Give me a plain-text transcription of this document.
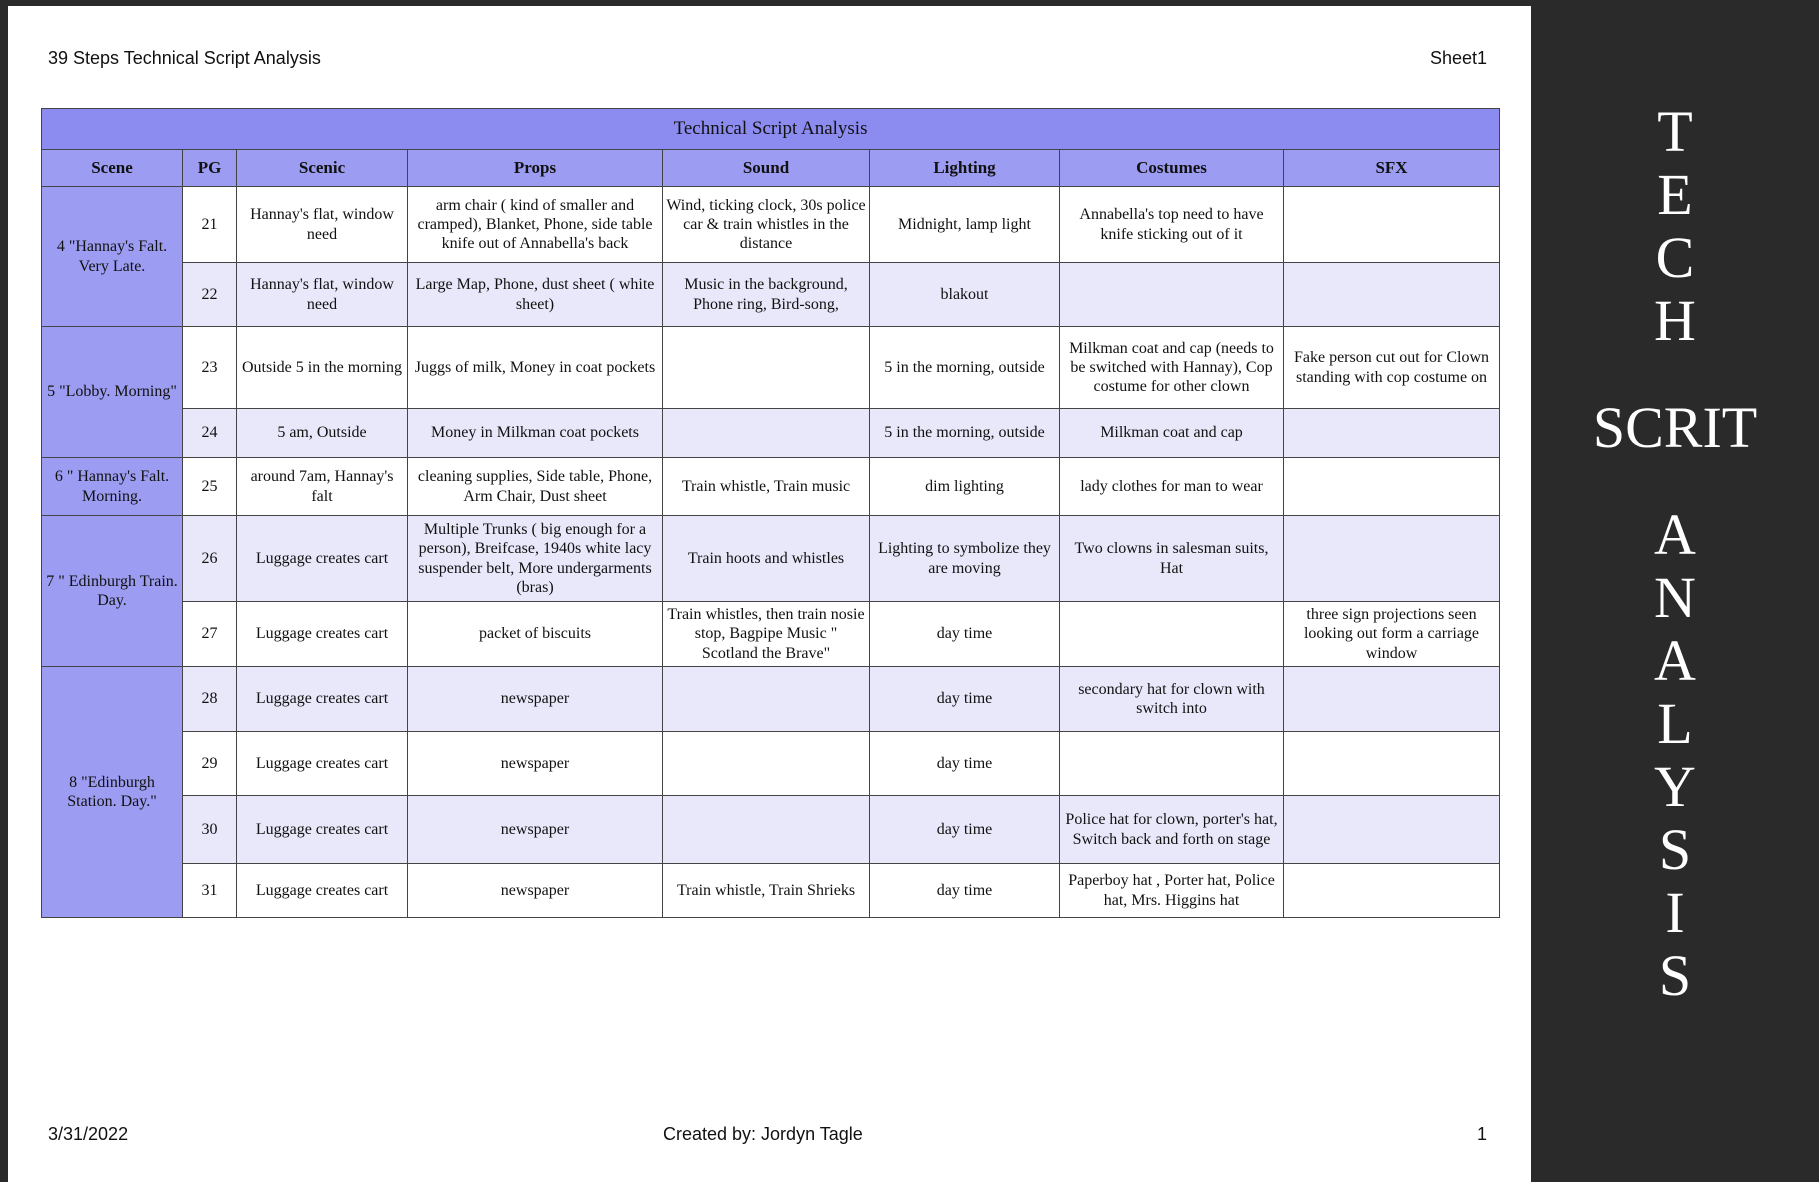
39 Steps Technical Script Analysis	Sheet1
Technical Script Analysis							
Scene	PG	Scenic	Props	Sound	Lighting	Costumes	SFX
4 "Hannay's Falt. Very Late.	21	Hannay's flat, window need	arm chair ( kind of smaller and cramped), Blanket, Phone, side table knife out of Annabella's back	Wind, ticking clock, 30s police car & train whistles in the distance	Midnight, lamp light	Annabella's top need to have knife sticking out of it	
	22	Hannay's flat, window need	Large Map, Phone, dust sheet ( white sheet)	Music in the background, Phone ring, Bird-song,	blakout		
5 "Lobby. Morning"	23	Outside 5 in the morning	Juggs of milk, Money in coat pockets		5 in the morning, outside	Milkman coat and cap (needs to be switched with Hannay), Cop costume for other clown	Fake person cut out for Clown standing with cop costume on
	24	5 am, Outside	Money in Milkman coat pockets		5 in the morning, outside	Milkman coat and cap	
6 " Hannay's Falt. Morning.	25	around 7am, Hannay's falt	cleaning supplies, Side table, Phone, Arm Chair, Dust sheet	Train whistle, Train music	dim lighting	lady clothes for man to wear	
7 " Edinburgh Train. Day.	26	Luggage creates cart	Multiple Trunks ( big enough for a person), Breifcase, 1940s white lacy suspender belt, More undergarments (bras)	Train hoots and whistles	Lighting to symbolize they are moving	Two clowns in salesman suits, Hat	
	27	Luggage creates cart	packet of biscuits	Train whistles, then train nosie stop, Bagpipe Music " Scotland the Brave"	day time		three sign projections seen looking out form a carriage window
8 "Edinburgh Station. Day."	28	Luggage creates cart	newspaper		day time	secondary hat for clown with switch into	
	29	Luggage creates cart	newspaper		day time		
	30	Luggage creates cart	newspaper		day time	Police hat for clown, porter's hat, Switch back and forth on stage	
	31	Luggage creates cart	newspaper	Train whistle, Train Shrieks	day time	Paperboy hat , Porter hat, Police hat, Mrs. Higgins hat	
3/31/2022	Created by: Jordyn Tagle	1
T
E
C
H
SCRIT
A
N
A
L
Y
S
I
S
